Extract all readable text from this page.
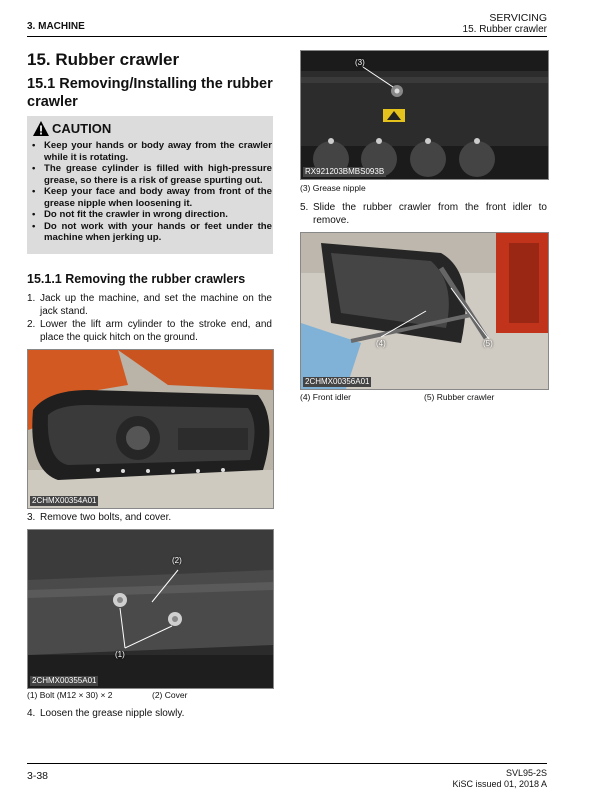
3. MACHINE
SERVICING
15. Rubber crawler
15. Rubber crawler
15.1 Removing/Installing the rubber crawler
CAUTION
• Keep your hands or body away from the crawler while it is rotating.
• The grease cylinder is filled with high-pressure grease, so there is a risk of grease spurting out.
• Keep your face and body away from front of the grease nipple when loosening it.
• Do not fit the crawler in wrong direction.
• Do not work with your hands or feet under the machine when jerking up.
15.1.1 Removing the rubber crawlers
1. Jack up the machine, and set the machine on the jack stand.
2. Lower the lift arm cylinder to the stroke end, and place the quick hitch on the ground.
2CHMX00354A01
3. Remove two bolts, and cover.
(2)
(1)
2CHMX00355A01
(1) Bolt (M12 × 30) × 2	(2) Cover
4. Loosen the grease nipple slowly.
(3)
RX921203BMBS093B
(3) Grease nipple
5. Slide the rubber crawler from the front idler to remove.
(4)	(5)
2CHMX00356A01
(4) Front idler	(5) Rubber crawler
3-38	SVL95-2S
KiSC issued 01, 2018 A
